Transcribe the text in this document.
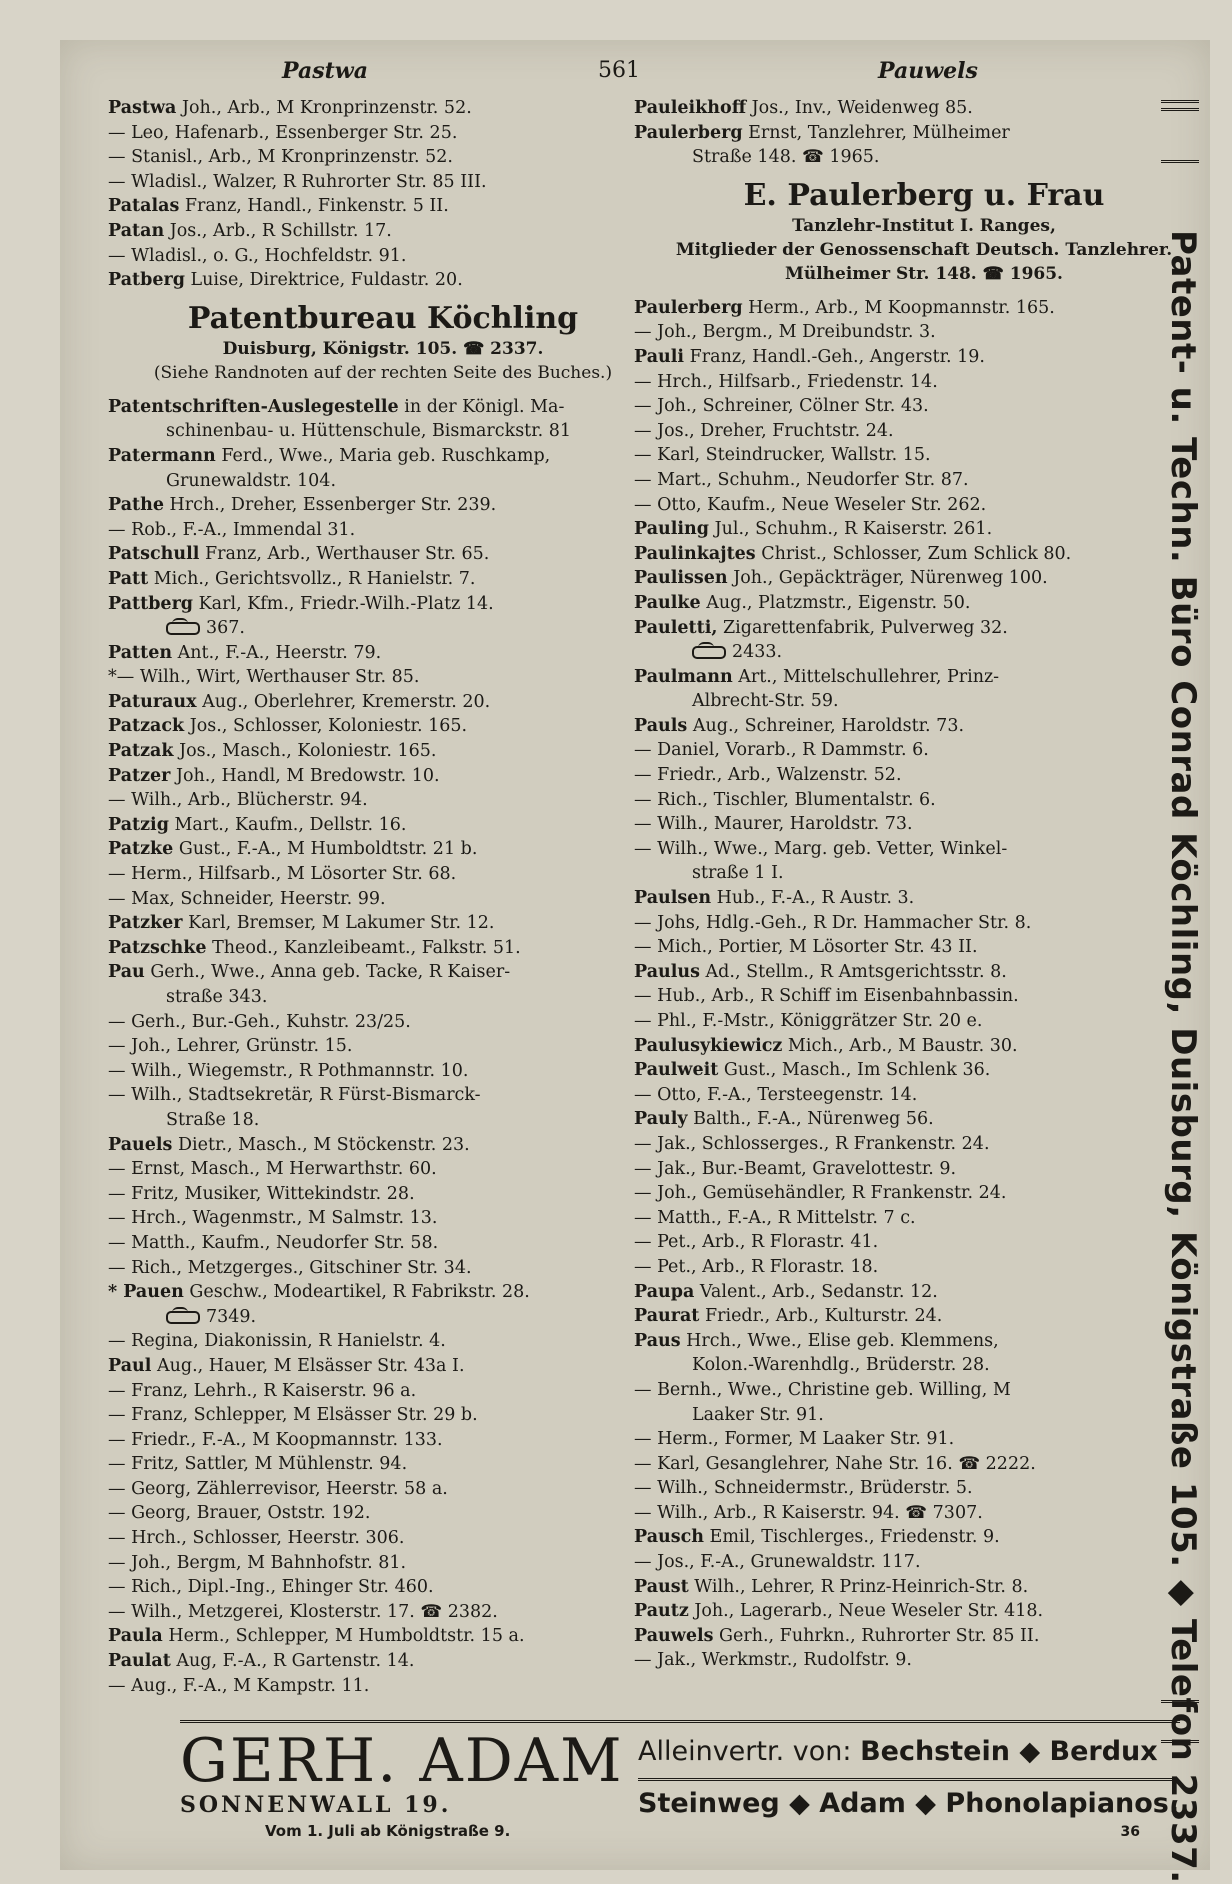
Pastwa	561	Pauwels
Pastwa Joh., Arb., M Kronprinzenstr. 52.
— Leo, Hafenarb., Essenberger Str. 25.
— Stanisl., Arb., M Kronprinzenstr. 52.
— Wladisl., Walzer, R Ruhrorter Str. 85 III.
Patalas Franz, Handl., Finkenstr. 5 II.
Patan Jos., Arb., R Schillstr. 17.
— Wladisl., o. G., Hochfeldstr. 91.
Patberg Luise, Direktrice, Fuldastr. 20.
Patentbureau Köchling
Duisburg, Königstr. 105. ☎ 2337.
(Siehe Randnoten auf der rechten Seite des Buches.)
Patentschriften-Auslegestelle in der Königl. Ma-
schinenbau- u. Hüttenschule, Bismarckstr. 81
Patermann Ferd., Wwe., Maria geb. Ruschkamp,
Grunewaldstr. 104.
Pathe Hrch., Dreher, Essenberger Str. 239.
— Rob., F.-A., Immendal 31.
Patschull Franz, Arb., Werthauser Str. 65.
Patt Mich., Gerichtsvollz., R Hanielstr. 7.
Pattberg Karl, Kfm., Friedr.-Wilh.-Platz 14.
367.
Patten Ant., F.-A., Heerstr. 79.
*— Wilh., Wirt, Werthauser Str. 85.
Paturaux Aug., Oberlehrer, Kremerstr. 20.
Patzack Jos., Schlosser, Koloniestr. 165.
Patzak Jos., Masch., Koloniestr. 165.
Patzer Joh., Handl, M Bredowstr. 10.
— Wilh., Arb., Blücherstr. 94.
Patzig Mart., Kaufm., Dellstr. 16.
Patzke Gust., F.-A., M Humboldtstr. 21 b.
— Herm., Hilfsarb., M Lösorter Str. 68.
— Max, Schneider, Heerstr. 99.
Patzker Karl, Bremser, M Lakumer Str. 12.
Patzschke Theod., Kanzleibeamt., Falkstr. 51.
Pau Gerh., Wwe., Anna geb. Tacke, R Kaiser-
straße 343.
— Gerh., Bur.-Geh., Kuhstr. 23/25.
— Joh., Lehrer, Grünstr. 15.
— Wilh., Wiegemstr., R Pothmannstr. 10.
— Wilh., Stadtsekretär, R Fürst-Bismarck-
Straße 18.
Pauels Dietr., Masch., M Stöckenstr. 23.
— Ernst, Masch., M Herwarthstr. 60.
— Fritz, Musiker, Wittekindstr. 28.
— Hrch., Wagenmstr., M Salmstr. 13.
— Matth., Kaufm., Neudorfer Str. 58.
— Rich., Metzgerges., Gitschiner Str. 34.
* Pauen Geschw., Modeartikel, R Fabrikstr. 28.
7349.
— Regina, Diakonissin, R Hanielstr. 4.
Paul Aug., Hauer, M Elsässer Str. 43a I.
— Franz, Lehrh., R Kaiserstr. 96 a.
— Franz, Schlepper, M Elsässer Str. 29 b.
— Friedr., F.-A., M Koopmannstr. 133.
— Fritz, Sattler, M Mühlenstr. 94.
— Georg, Zählerrevisor, Heerstr. 58 a.
— Georg, Brauer, Oststr. 192.
— Hrch., Schlosser, Heerstr. 306.
— Joh., Bergm, M Bahnhofstr. 81.
— Rich., Dipl.-Ing., Ehinger Str. 460.
— Wilh., Metzgerei, Klosterstr. 17. ☎ 2382.
Paula Herm., Schlepper, M Humboldtstr. 15 a.
Paulat Aug, F.-A., R Gartenstr. 14.
— Aug., F.-A., M Kampstr. 11.
Pauleikhoff Jos., Inv., Weidenweg 85.
Paulerberg Ernst, Tanzlehrer, Mülheimer
Straße 148. ☎ 1965.
E. Paulerberg u. Frau
Tanzlehr-Institut I. Ranges,
Mitglieder der Genossenschaft Deutsch. Tanzlehrer.
Mülheimer Str. 148. ☎ 1965.
Paulerberg Herm., Arb., M Koopmannstr. 165.
— Joh., Bergm., M Dreibundstr. 3.
Pauli Franz, Handl.-Geh., Angerstr. 19.
— Hrch., Hilfsarb., Friedenstr. 14.
— Joh., Schreiner, Cölner Str. 43.
— Jos., Dreher, Fruchtstr. 24.
— Karl, Steindrucker, Wallstr. 15.
— Mart., Schuhm., Neudorfer Str. 87.
— Otto, Kaufm., Neue Weseler Str. 262.
Pauling Jul., Schuhm., R Kaiserstr. 261.
Paulinkajtes Christ., Schlosser, Zum Schlick 80.
Paulissen Joh., Gepäckträger, Nürenweg 100.
Paulke Aug., Platzmstr., Eigenstr. 50.
Pauletti, Zigarettenfabrik, Pulverweg 32.
2433.
Paulmann Art., Mittelschullehrer, Prinz-
Albrecht-Str. 59.
Pauls Aug., Schreiner, Haroldstr. 73.
— Daniel, Vorarb., R Dammstr. 6.
— Friedr., Arb., Walzenstr. 52.
— Rich., Tischler, Blumentalstr. 6.
— Wilh., Maurer, Haroldstr. 73.
— Wilh., Wwe., Marg. geb. Vetter, Winkel-
straße 1 I.
Paulsen Hub., F.-A., R Austr. 3.
— Johs, Hdlg.-Geh., R Dr. Hammacher Str. 8.
— Mich., Portier, M Lösorter Str. 43 II.
Paulus Ad., Stellm., R Amtsgerichtsstr. 8.
— Hub., Arb., R Schiff im Eisenbahnbassin.
— Phl., F.-Mstr., Königgrätzer Str. 20 e.
Paulusykiewicz Mich., Arb., M Baustr. 30.
Paulweit Gust., Masch., Im Schlenk 36.
— Otto, F.-A., Tersteegenstr. 14.
Pauly Balth., F.-A., Nürenweg 56.
— Jak., Schlosserges., R Frankenstr. 24.
— Jak., Bur.-Beamt, Gravelottestr. 9.
— Joh., Gemüsehändler, R Frankenstr. 24.
— Matth., F.-A., R Mittelstr. 7 c.
— Pet., Arb., R Florastr. 41.
— Pet., Arb., R Florastr. 18.
Paupa Valent., Arb., Sedanstr. 12.
Paurat Friedr., Arb., Kulturstr. 24.
Paus Hrch., Wwe., Elise geb. Klemmens,
Kolon.-Warenhdlg., Brüderstr. 28.
— Bernh., Wwe., Christine geb. Willing, M
Laaker Str. 91.
— Herm., Former, M Laaker Str. 91.
— Karl, Gesanglehrer, Nahe Str. 16. ☎ 2222.
— Wilh., Schneidermstr., Brüderstr. 5.
— Wilh., Arb., R Kaiserstr. 94. ☎ 7307.
Pausch Emil, Tischlerges., Friedenstr. 9.
— Jos., F.-A., Grunewaldstr. 117.
Paust Wilh., Lehrer, R Prinz-Heinrich-Str. 8.
Pautz Joh., Lagerarb., Neue Weseler Str. 418.
Pauwels Gerh., Fuhrkn., Ruhrorter Str. 85 II.
— Jak., Werkmstr., Rudolfstr. 9.	Patent- u. Techn. Büro Conrad Köchling, Duisburg, Königstraße 105. ◆ Telefon 2337.
GERH. ADAM
SONNENWALL 19.
Vom 1. Juli ab Königstraße 9.
Alleinvertr. von: Bechstein ◆ Berdux
Steinweg ◆ Adam ◆ Phonolapianos.
36
